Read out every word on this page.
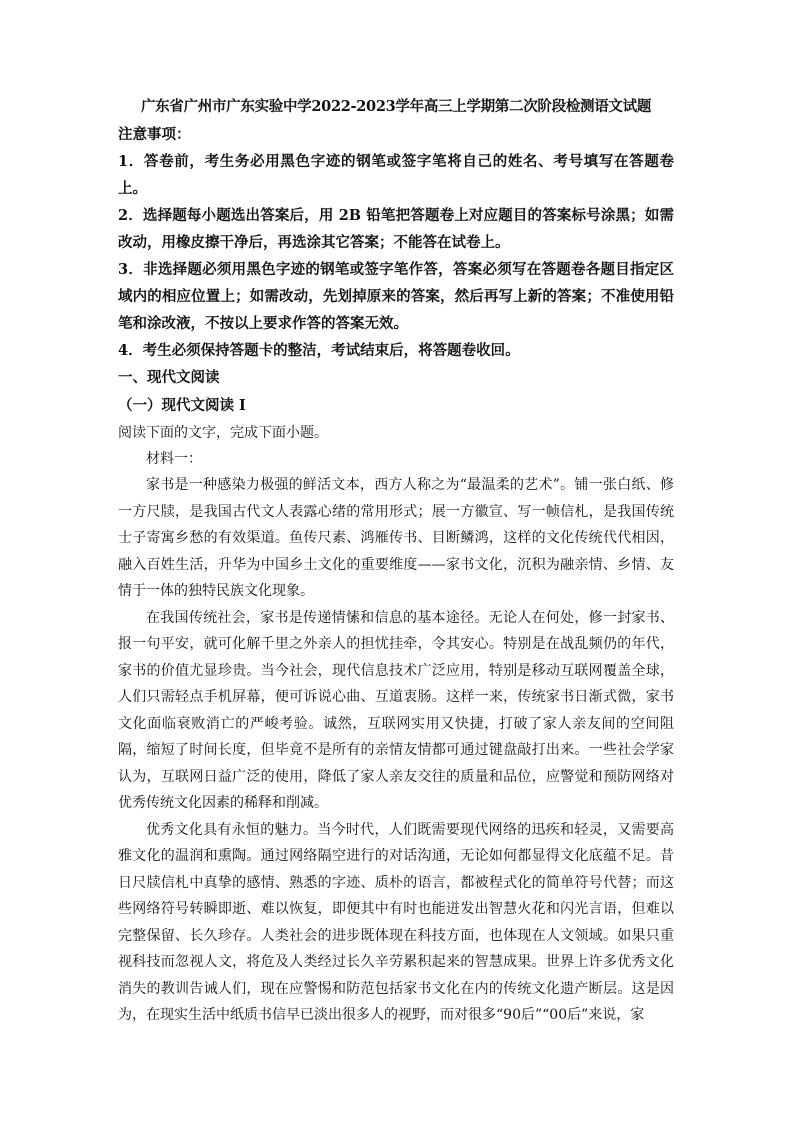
广东省广州市广东实验中学2022-2023学年高三上学期第二次阶段检测语文试题

注意事项：

1．答卷前，考生务必用黑色字迹的钢笔或签字笔将自己的姓名、考号填写在答题卷上。

2．选择题每小题选出答案后，用 2B 铅笔把答题卷上对应题目的答案标号涂黑；如需改动，用橡皮擦干净后，再选涂其它答案；不能答在试卷上。

3．非选择题必须用黑色字迹的钢笔或签字笔作答，答案必须写在答题卷各题目指定区域内的相应位置上；如需改动，先划掉原来的答案，然后再写上新的答案；不准使用铅笔和涂改液，不按以上要求作答的答案无效。

4．考生必须保持答题卡的整洁，考试结束后，将答题卷收回。

一、现代文阅读

（一）现代文阅读 I

阅读下面的文字，完成下面小题。

材料一：

家书是一种感染力极强的鲜活文本，西方人称之为“最温柔的艺术”。铺一张白纸、修一方尺牍，是我国古代文人表露心绪的常用形式；展一方徽宣、写一帧信札，是我国传统士子寄寓乡愁的有效渠道。鱼传尺素、鸿雁传书、目断鳞鸿，这样的文化传统代代相因，融入百姓生活，升华为中国乡土文化的重要维度——家书文化，沉积为融亲情、乡情、友情于一体的独特民族文化现象。

在我国传统社会，家书是传递情愫和信息的基本途径。无论人在何处，修一封家书、报一句平安，就可化解千里之外亲人的担忧挂牵，令其安心。特别是在战乱频仍的年代，家书的价值尤显珍贵。当今社会，现代信息技术广泛应用，特别是移动互联网覆盖全球，人们只需轻点手机屏幕，便可诉说心曲、互道衷肠。这样一来，传统家书日渐式微，家书文化面临衰败消亡的严峻考验。诚然，互联网实用又快捷，打破了家人亲友间的空间阻隔，缩短了时间长度，但毕竟不是所有的亲情友情都可通过键盘敲打出来。一些社会学家认为，互联网日益广泛的使用，降低了家人亲友交往的质量和品位，应警觉和预防网络对优秀传统文化因素的稀释和削减。

优秀文化具有永恒的魅力。当今时代，人们既需要现代网络的迅疾和轻灵，又需要高雅文化的温润和熏陶。通过网络隔空进行的对话沟通，无论如何都显得文化底蕴不足。昔日尺牍信札中真挚的感情、熟悉的字迹、质朴的语言，都被程式化的简单符号代替；而这些网络符号转瞬即逝、难以恢复，即便其中有时也能迸发出智慧火花和闪光言语，但难以完整保留、长久珍存。人类社会的进步既体现在科技方面，也体现在人文领域。如果只重视科技而忽视人文，将危及人类经过长久辛劳累积起来的智慧成果。世界上许多优秀文化消失的教训告诫人们，现在应警惕和防范包括家书文化在内的传统文化遗产断层。这是因为，在现实生活中纸质书信早已淡出很多人的视野，而对很多“90后”“00后”来说，家
